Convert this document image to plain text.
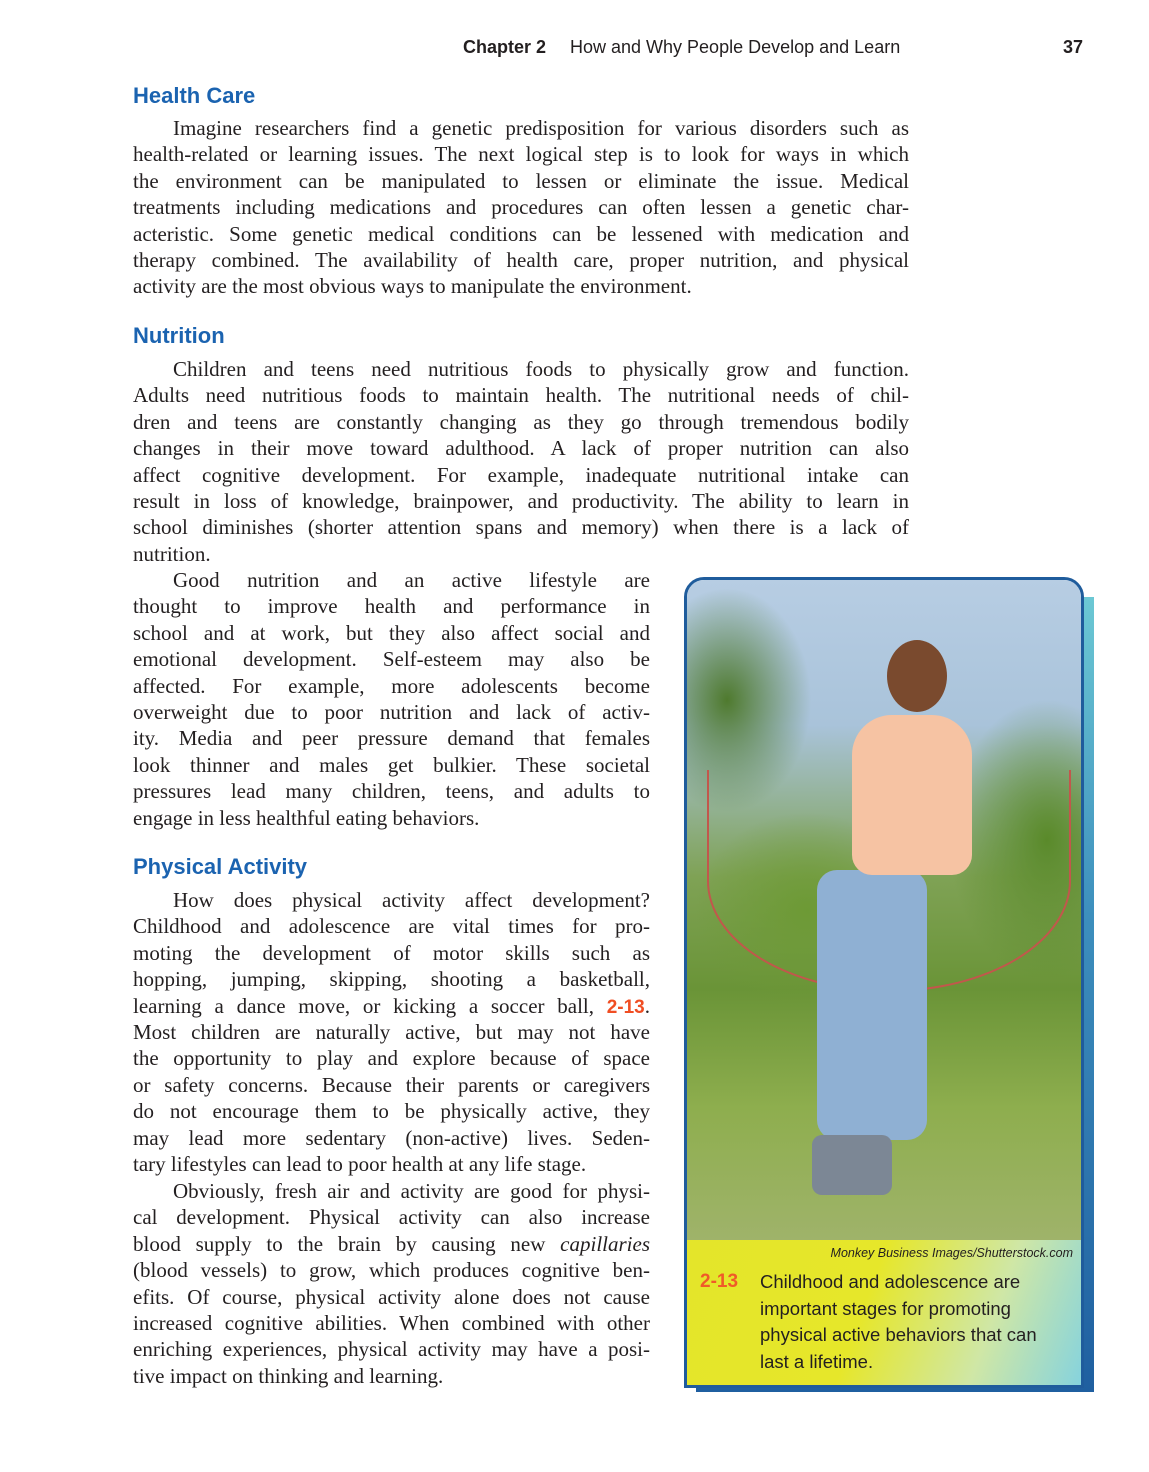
Chapter 2 How and Why People Develop and Learn	37
Health Care
Imagine researchers find a genetic predisposition for various disorders such as
health-related or learning issues. The next logical step is to look for ways in which
the environment can be manipulated to lessen or eliminate the issue. Medical
treatments including medications and procedures can often lessen a genetic char-
acteristic. Some genetic medical conditions can be lessened with medication and
therapy combined. The availability of health care, proper nutrition, and physical
activity are the most obvious ways to manipulate the environment.
Nutrition
Children and teens need nutritious foods to physically grow and function.
Adults need nutritious foods to maintain health. The nutritional needs of chil-
dren and teens are constantly changing as they go through tremendous bodily
changes in their move toward adulthood. A lack of proper nutrition can also
affect cognitive development. For example, inadequate nutritional intake can
result in loss of knowledge, brainpower, and productivity. The ability to learn in
school diminishes (shorter attention spans and memory) when there is a lack of
nutrition.
Good nutrition and an active lifestyle are
thought to improve health and performance in
school and at work, but they also affect social and
emotional development. Self-esteem may also be
affected. For example, more adolescents become
overweight due to poor nutrition and lack of activ-
ity. Media and peer pressure demand that females
look thinner and males get bulkier. These societal
pressures lead many children, teens, and adults to
engage in less healthful eating behaviors.
Physical Activity
How does physical activity affect development?
Childhood and adolescence are vital times for pro-
moting the development of motor skills such as
hopping, jumping, skipping, shooting a basketball,
learning a dance move, or kicking a soccer ball, 2-13.
Most children are naturally active, but may not have
the opportunity to play and explore because of space
or safety concerns. Because their parents or caregivers
do not encourage them to be physically active, they
may lead more sedentary (non-active) lives. Seden-
tary lifestyles can lead to poor health at any life stage.
Obviously, fresh air and activity are good for physi-
cal development. Physical activity can also increase
blood supply to the brain by causing new capillaries
(blood vessels) to grow, which produces cognitive ben-
efits. Of course, physical activity alone does not cause
increased cognitive abilities. When combined with other
enriching experiences, physical activity may have a posi-
tive impact on thinking and learning.
Monkey Business Images/Shutterstock.com
2-13 Childhood and adolescence are
important stages for promoting
physical active behaviors that can
last a lifetime.
